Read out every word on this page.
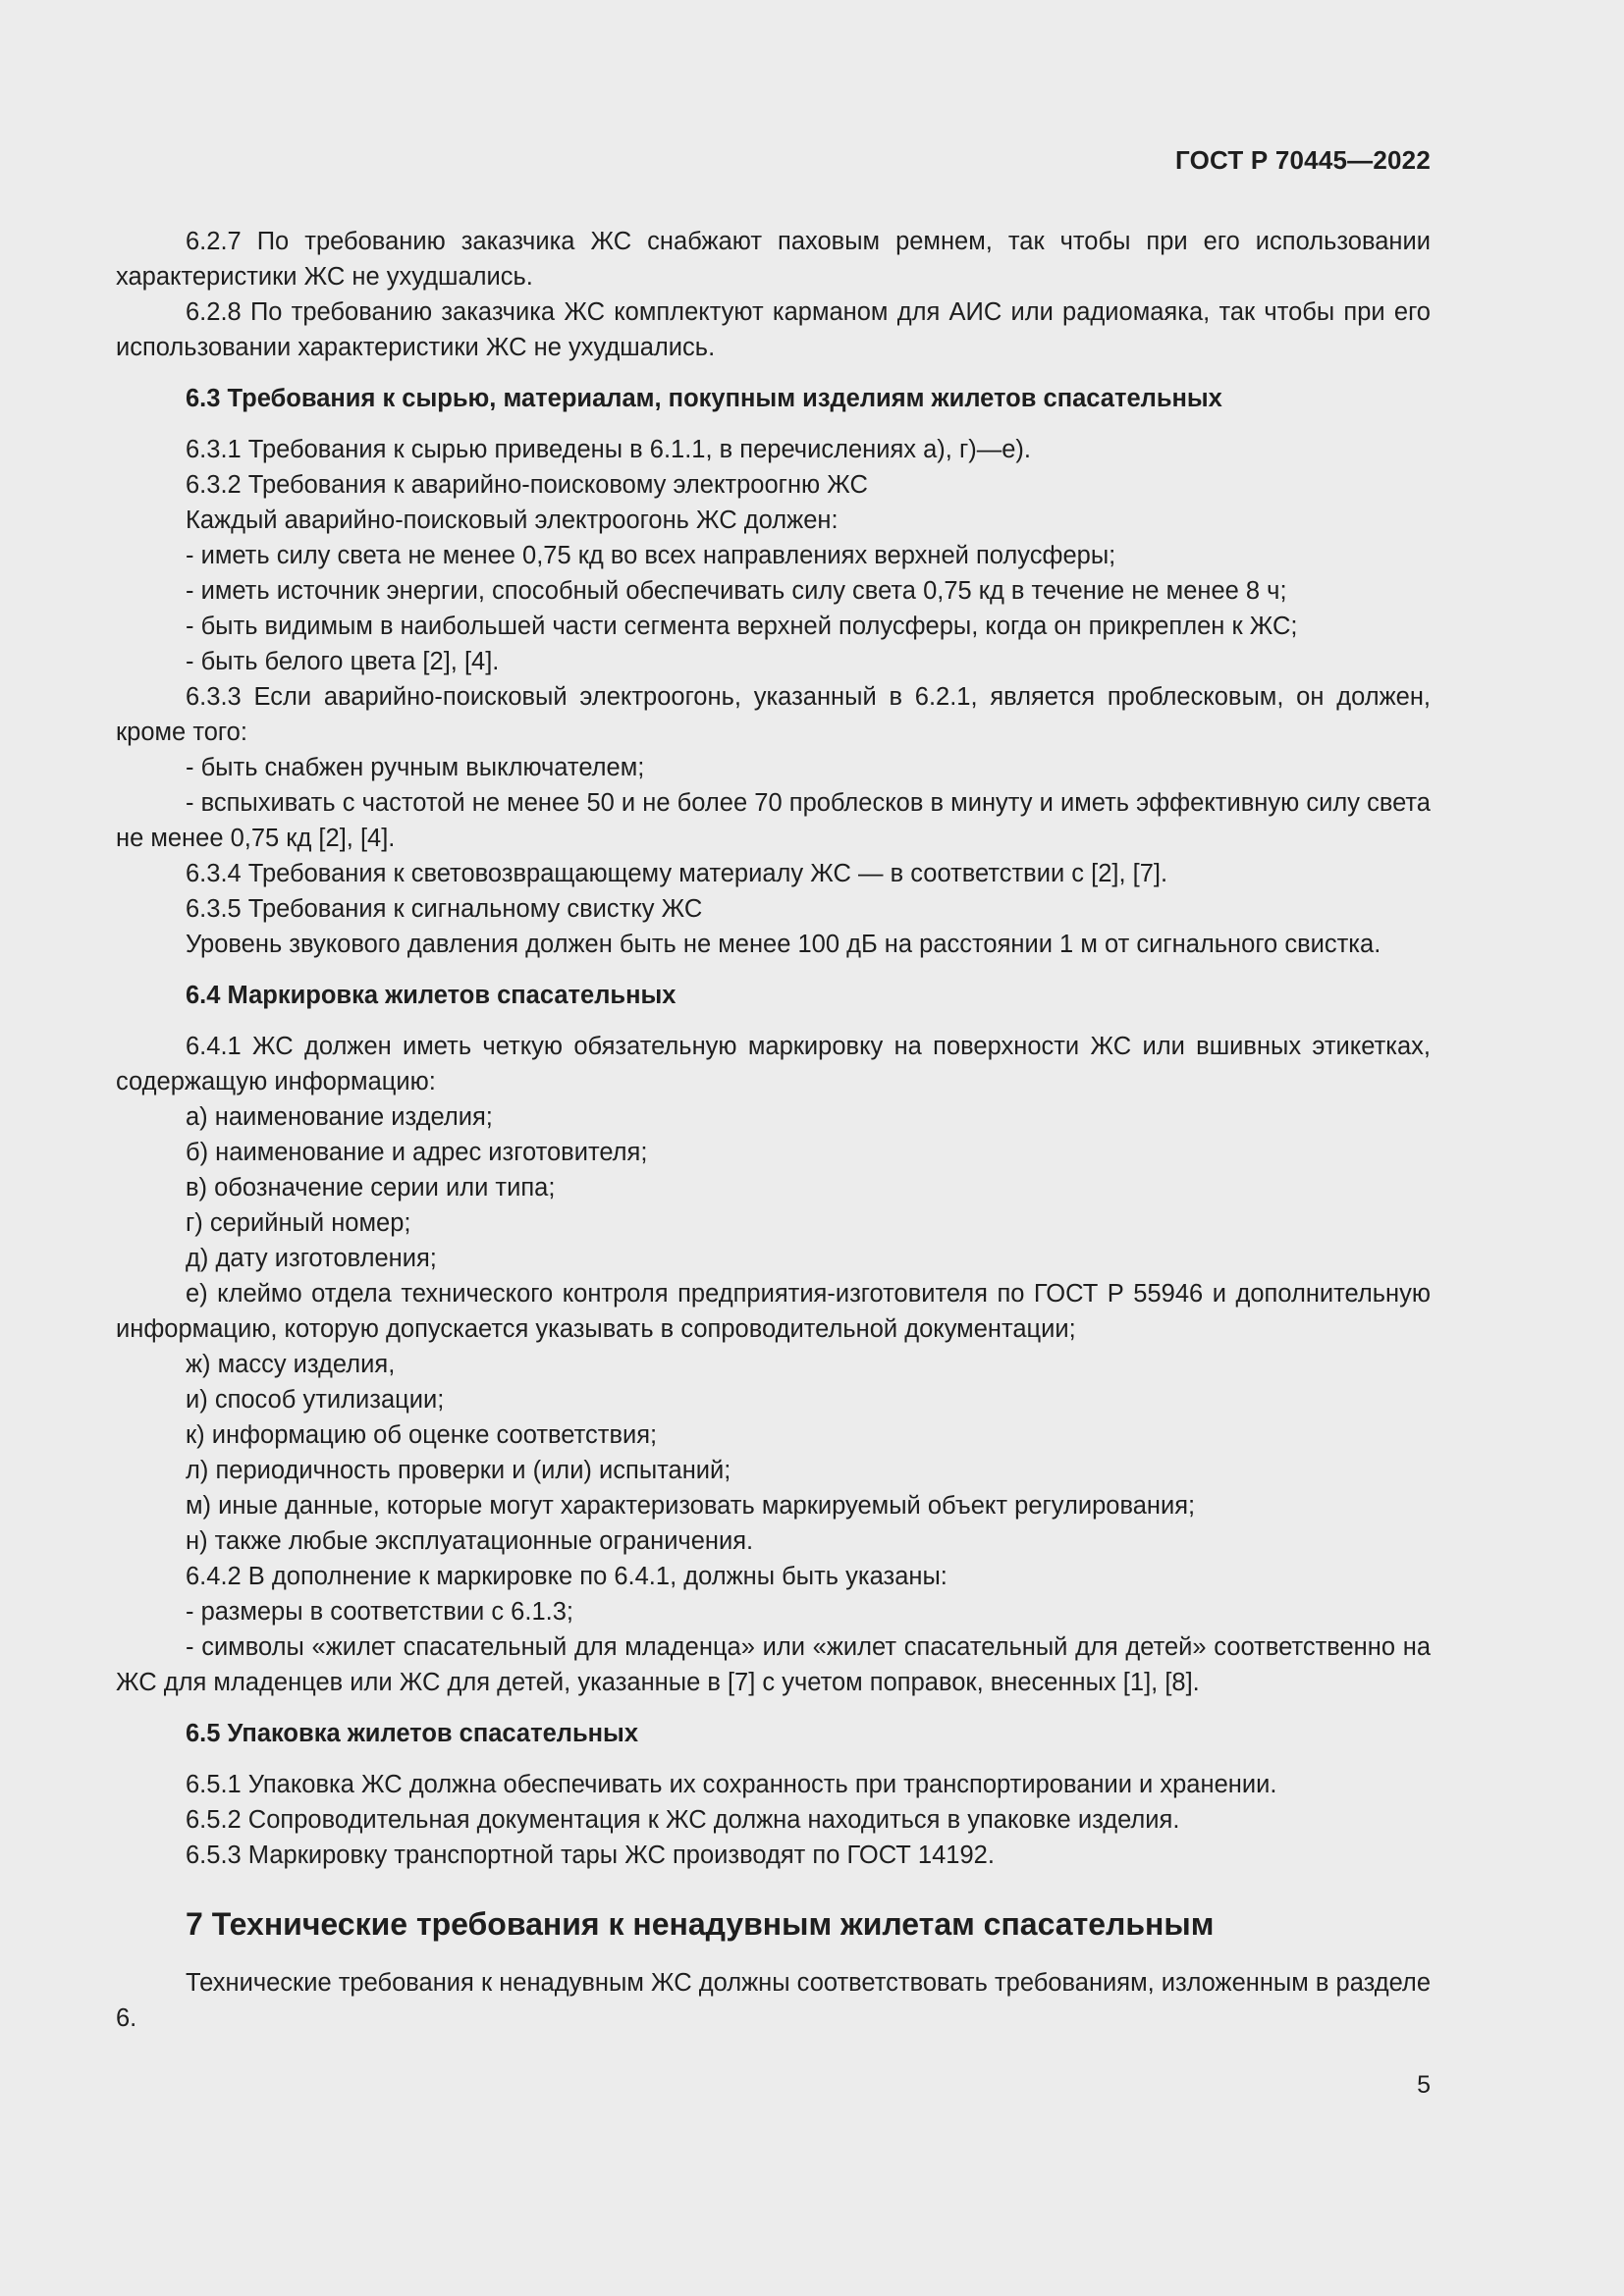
ГОСТ Р 70445—2022

6.2.7 По требованию заказчика ЖС снабжают паховым ремнем, так чтобы при его использовании характеристики ЖС не ухудшались.

6.2.8 По требованию заказчика ЖС комплектуют карманом для АИС или радиомаяка, так чтобы при его использовании характеристики ЖС не ухудшались.

6.3 Требования к сырью, материалам, покупным изделиям жилетов спасательных

6.3.1 Требования к сырью приведены в 6.1.1, в перечислениях а), г)—е).

6.3.2 Требования к аварийно-поисковому электроогню ЖС

Каждый аварийно-поисковый электроогонь ЖС должен:

- иметь силу света не менее 0,75 кд во всех направлениях верхней полусферы;

- иметь источник энергии, способный обеспечивать силу света 0,75 кд в течение не менее 8 ч;

- быть видимым в наибольшей части сегмента верхней полусферы, когда он прикреплен к ЖС;

- быть белого цвета [2], [4].

6.3.3 Если аварийно-поисковый электроогонь, указанный в 6.2.1, является проблесковым, он должен, кроме того:

- быть снабжен ручным выключателем;

- вспыхивать с частотой не менее 50 и не более 70 проблесков в минуту и иметь эффективную силу света не менее 0,75 кд [2], [4].

6.3.4 Требования к световозвращающему материалу ЖС — в соответствии с [2], [7].

6.3.5 Требования к сигнальному свистку ЖС

Уровень звукового давления должен быть не менее 100 дБ на расстоянии 1 м от сигнального свистка.

6.4 Маркировка жилетов спасательных

6.4.1 ЖС должен иметь четкую обязательную маркировку на поверхности ЖС или вшивных этикетках, содержащую информацию:

а) наименование изделия;

б) наименование и адрес изготовителя;

в) обозначение серии или типа;

г) серийный номер;

д) дату изготовления;

е) клеймо отдела технического контроля предприятия-изготовителя по ГОСТ Р 55946 и дополнительную информацию, которую допускается указывать в сопроводительной документации;

ж) массу изделия,

и) способ утилизации;

к) информацию об оценке соответствия;

л) периодичность проверки и (или) испытаний;

м) иные данные, которые могут характеризовать маркируемый объект регулирования;

н) также любые эксплуатационные ограничения.

6.4.2 В дополнение к маркировке по 6.4.1, должны быть указаны:

- размеры в соответствии с 6.1.3;

- символы «жилет спасательный для младенца» или «жилет спасательный для детей» соответственно на ЖС для младенцев или ЖС для детей, указанные в [7] с учетом поправок, внесенных [1], [8].

6.5 Упаковка жилетов спасательных

6.5.1 Упаковка ЖС должна обеспечивать их сохранность при транспортировании и хранении.

6.5.2 Сопроводительная документация к ЖС должна находиться в упаковке изделия.

6.5.3 Маркировку транспортной тары ЖС производят по ГОСТ 14192.

7 Технические требования к ненадувным жилетам спасательным

Технические требования к ненадувным ЖС должны соответствовать требованиям, изложенным в разделе 6.

5
